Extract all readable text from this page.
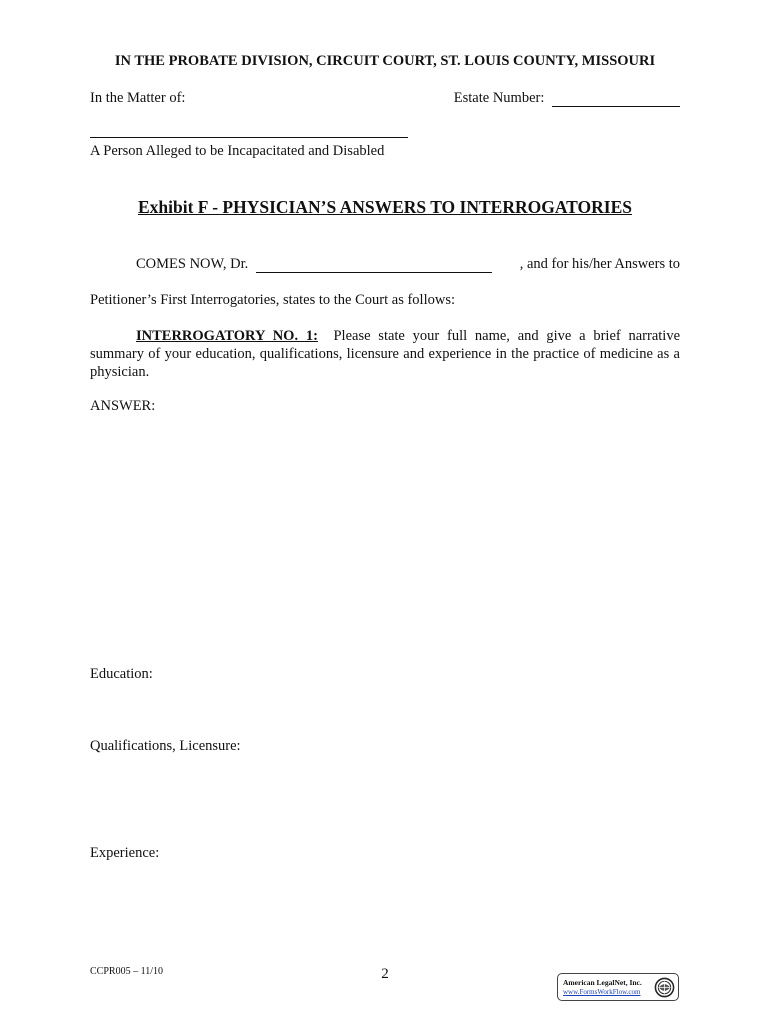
IN THE PROBATE DIVISION, CIRCUIT COURT, ST. LOUIS COUNTY, MISSOURI
In the Matter of:	Estate Number:
A Person Alleged to be Incapacitated and Disabled
Exhibit F - PHYSICIAN’S ANSWERS TO INTERROGATORIES
COMES NOW, Dr.	, and for his/her Answers to
Petitioner’s First Interrogatories, states to the Court as follows:
INTERROGATORY NO. 1: Please state your full name, and give a brief narrative summary of your education, qualifications, licensure and experience in the practice of medicine as a physician.
ANSWER:
Education:
Qualifications, Licensure:
Experience:
CCPR005 – 11/10	2
American LegalNet, Inc.
www.FormsWorkFlow.com
